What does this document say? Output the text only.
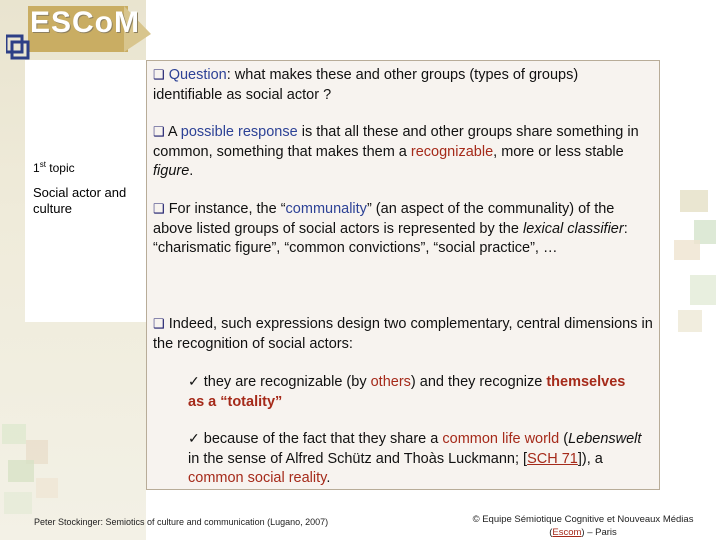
ESCoM
1st topic
Social actor and culture
❑ Question: what makes these and other groups (types of groups) identifiable as social actor ?
❑ A possible response is that all these and other groups share something in common, something that makes them a recognizable, more or less stable figure.
❑ For instance, the “communality” (an aspect of the communality) of the above listed groups of social actors is represented by the lexical classifier: “charismatic figure”, “common convictions”, “social practice”, …
❑ Indeed, such expressions design two complementary, central dimensions in the recognition of social actors:
✓ they are recognizable (by others) and they recognize themselves as a “totality”
✓ because of the fact that they share a common life world (Lebenswelt in the sense of Alfred Schütz and Thoàs Luckmann; [SCH 71]), a common social reality.
Peter Stockinger: Semiotics of culture and communication (Lugano, 2007)	© Equipe Sémiotique Cognitive et Nouveaux Médias
(Escom) – Paris
